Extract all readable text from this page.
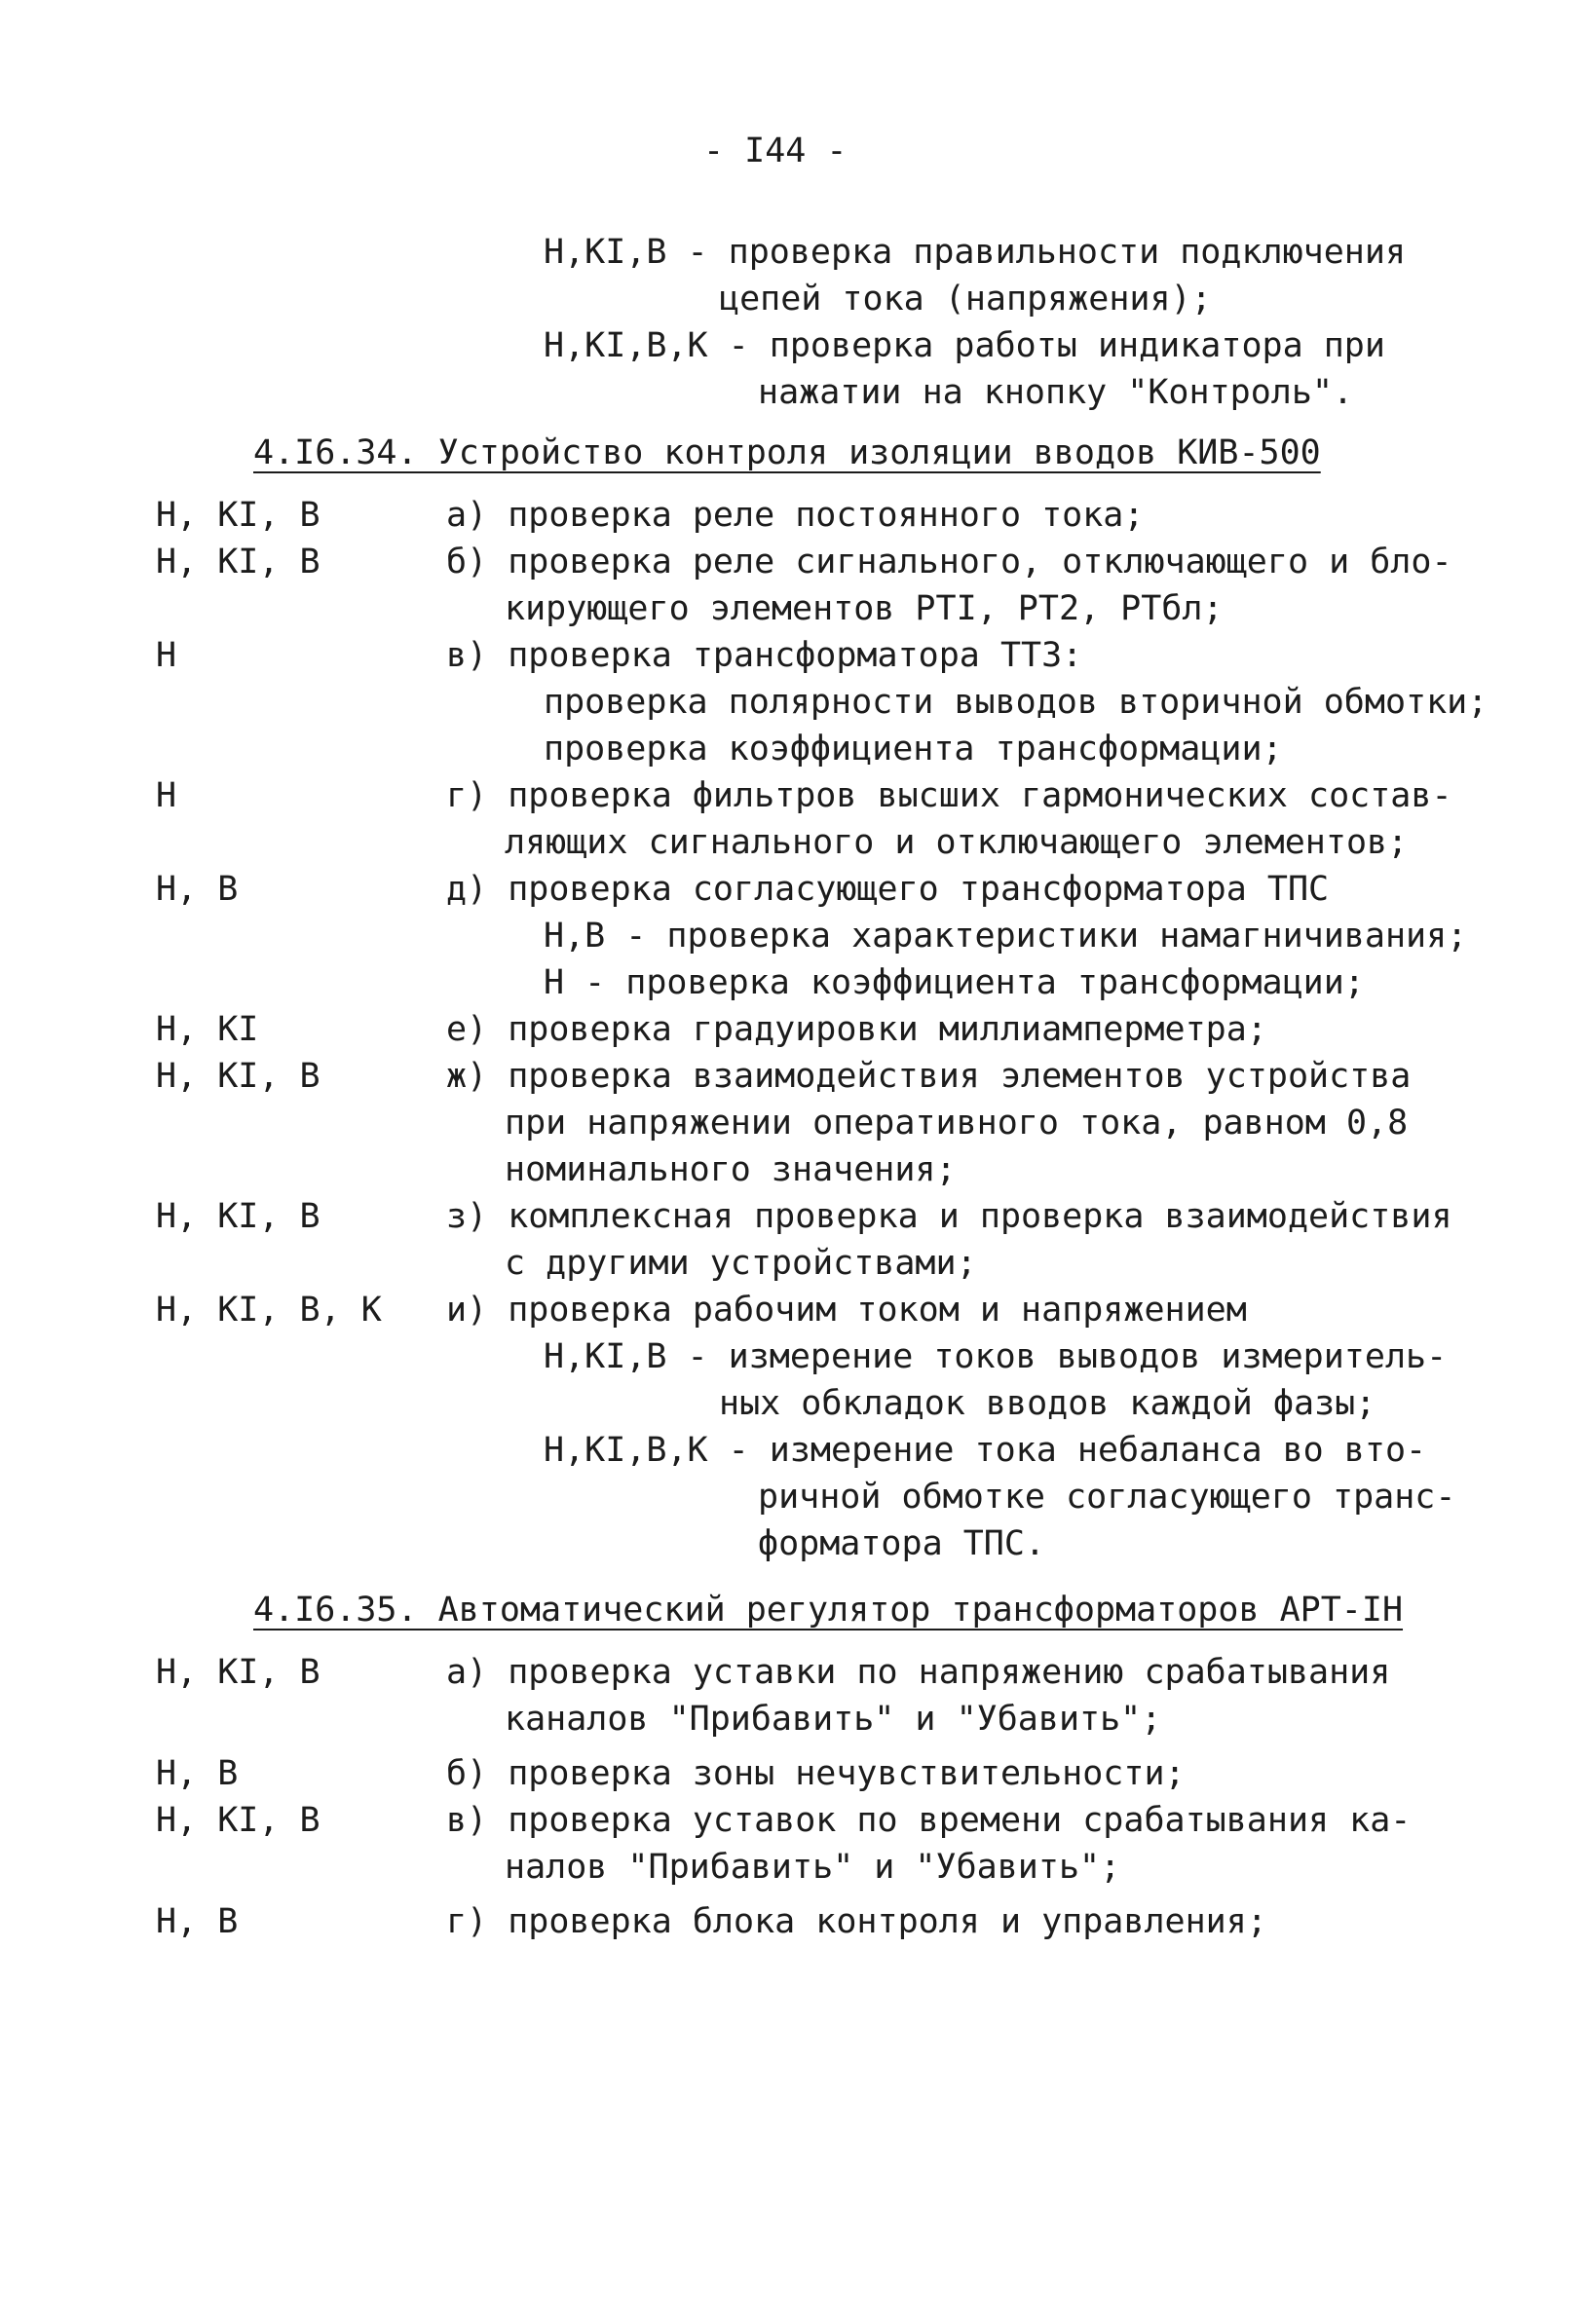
- I44 -
Н,КI,В - проверка правильности подключения
цепей тока (напряжения);
Н,КI,В,К - проверка работы индикатора при
нажатии на кнопку "Контроль".
4.I6.34. Устройство контроля изоляции вводов КИВ-500
Н, КI, В	а) проверка реле постоянного тока;
Н, КI, В	б) проверка реле сигнального, отключающего и бло-
кирующего элементов РТI, РТ2, РТбл;
Н	в) проверка трансформатора ТТЗ:
проверка полярности выводов вторичной обмотки;
проверка коэффициента трансформации;
Н	г) проверка фильтров высших гармонических состав-
ляющих сигнального и отключающего элементов;
Н, В	д) проверка согласующего трансформатора ТПС
Н,В - проверка характеристики намагничивания;
Н - проверка коэффициента трансформации;
Н, КI	е) проверка градуировки миллиамперметра;
Н, КI, В	ж) проверка взаимодействия элементов устройства
при напряжении оперативного тока, равном 0,8
номинального значения;
Н, КI, В	з) комплексная проверка и проверка взаимодействия
с другими устройствами;
Н, КI, В, К и) проверка рабочим током и напряжением
Н,КI,В - измерение токов выводов измеритель-
ных обкладок вводов каждой фазы;
Н,КI,В,К - измерение тока небаланса во вто-
ричной обмотке согласующего транс-
форматора ТПС.
4.I6.35. Автоматический регулятор трансформаторов АРТ-IН
Н, КI, В	а) проверка уставки по напряжению срабатывания
каналов "Прибавить" и "Убавить";
Н, В	б) проверка зоны нечувствительности;
Н, КI, В	в) проверка уставок по времени срабатывания ка-
налов "Прибавить" и "Убавить";
Н, В	г) проверка блока контроля и управления;
